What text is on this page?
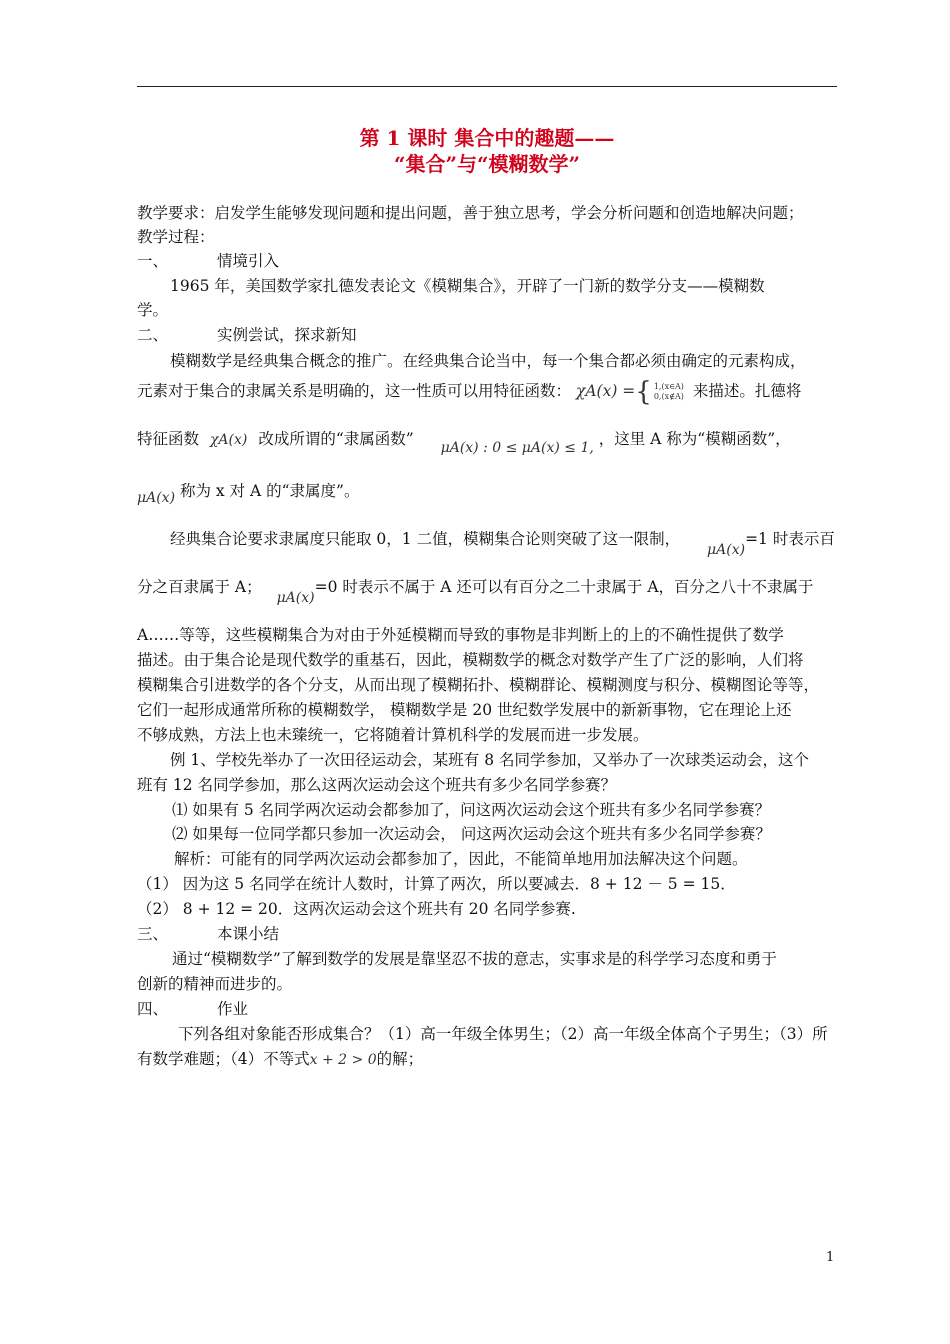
第 1 课时 集合中的趣题——
“集合”与“模糊数学”
教学要求：启发学生能够发现问题和提出问题，善于独立思考，学会分析问题和创造地解决问题；
教学过程：
一、	情境引入
1965 年，美国数学家扎德发表论文《模糊集合》，开辟了一门新的数学分支——模糊数
学。
二、	实例尝试，探求新知
模糊数学是经典集合概念的推广。在经典集合论当中，每一个集合都必须由确定的元素构成，
元素对于集合的隶属关系是明确的，这一性质可以用特征函数： χA(x) ={ 1,(x∈A)
0,(x∉A) 来描述。扎德将
特征函数 χA(x) 改成所谓的“隶属函数” μA(x) : 0 ≤ μA(x) ≤ 1, ，这里 A 称为“模糊函数”，
μA(x) 称为 x 对 A 的“隶属度”。
经典集合论要求隶属度只能取 0，1 二值，模糊集合论则突破了这一限制， μA(x)=1 时表示百
分之百隶属于 A； μA(x)=0 时表示不属于 A 还可以有百分之二十隶属于 A，百分之八十不隶属于
A……等等，这些模糊集合为对由于外延模糊而导致的事物是非判断上的上的不确性提供了数学
描述。由于集合论是现代数学的重基石，因此，模糊数学的概念对数学产生了广泛的影响，人们将
模糊集合引进数学的各个分支，从而出现了模糊拓扑、模糊群论、模糊测度与积分、模糊图论等等，
它们一起形成通常所称的模糊数学， 模糊数学是 20 世纪数学发展中的新新事物，它在理论上还
不够成熟，方法上也未臻统一，它将随着计算机科学的发展而进一步发展。
例 1、学校先举办了一次田径运动会，某班有 8 名同学参加，又举办了一次球类运动会，这个
班有 12 名同学参加，那么这两次运动会这个班共有多少名同学参赛？
⑴ 如果有 5 名同学两次运动会都参加了，问这两次运动会这个班共有多少名同学参赛？
⑵ 如果每一位同学都只参加一次运动会， 问这两次运动会这个班共有多少名同学参赛？
解析：可能有的同学两次运动会都参加了，因此，不能简单地用加法解决这个问题。
（1） 因为这 5 名同学在统计人数时，计算了两次，所以要减去．8 + 12 － 5 = 15．
（2） 8 + 12 = 20．这两次运动会这个班共有 20 名同学参赛.
三、	本课小结
通过“模糊数学”了解到数学的发展是靠坚忍不拔的意志，实事求是的科学学习态度和勇于
创新的精神而进步的。
四、	作业
下列各组对象能否形成集合？（1）高一年级全体男生；（2）高一年级全体高个子男生；（3）所
有数学难题；（4）不等式x + 2 > 0的解；
1
